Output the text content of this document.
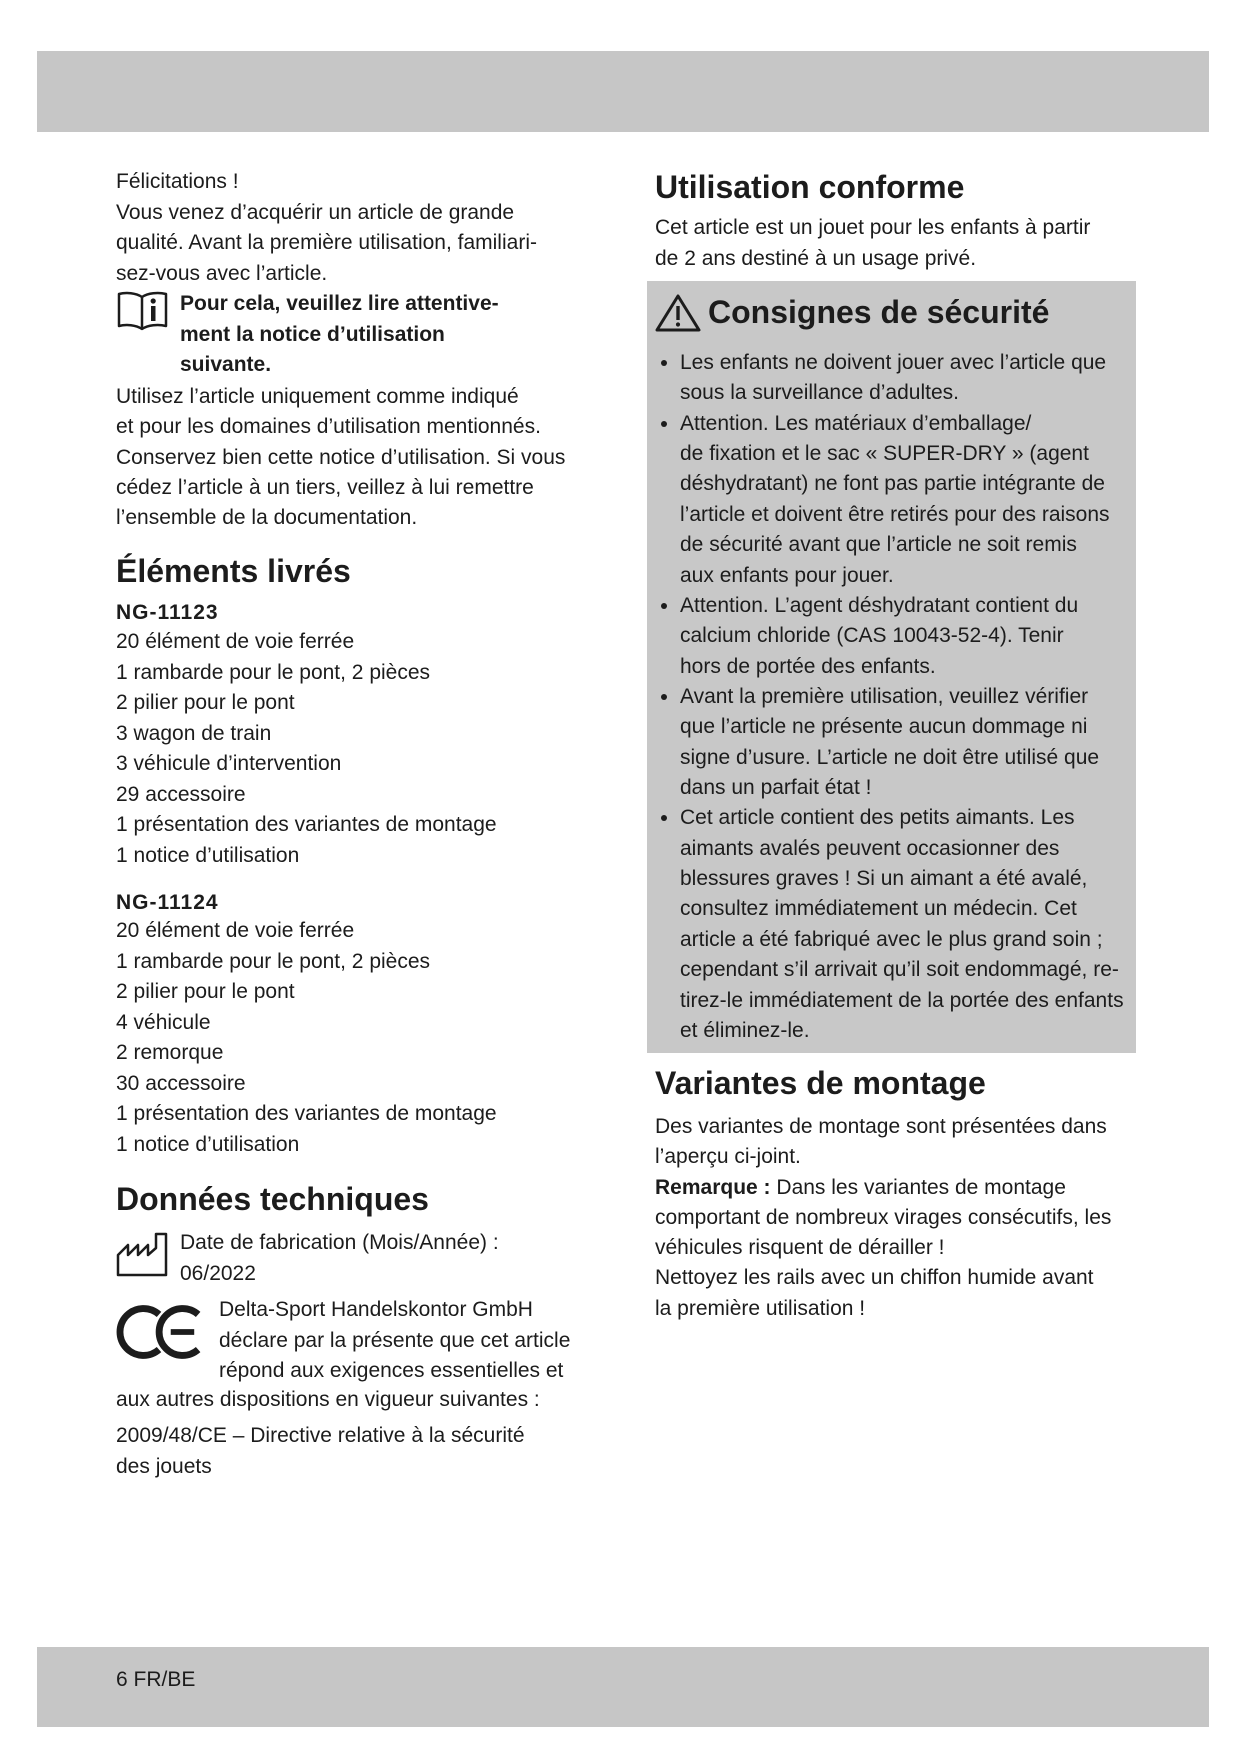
Félicitations !
Vous venez d’acquérir un article de grande
qualité. Avant la première utilisation, familiari-
sez-vous avec l’article.
Pour cela, veuillez lire attentive-
ment la notice d’utilisation
suivante.
Utilisez l’article uniquement comme indiqué
et pour les domaines d’utilisation mentionnés.
Conservez bien cette notice d’utilisation. Si vous
cédez l’article à un tiers, veillez à lui remettre
l’ensemble de la documentation.
Éléments livrés
NG-11123
20 élément de voie ferrée
1 rambarde pour le pont, 2 pièces
2 pilier pour le pont
3 wagon de train
3 véhicule d’intervention
29 accessoire
1 présentation des variantes de montage
1 notice d’utilisation
NG-11124
20 élément de voie ferrée
1 rambarde pour le pont, 2 pièces
2 pilier pour le pont
4 véhicule
2 remorque
30 accessoire
1 présentation des variantes de montage
1 notice d’utilisation
Données techniques
Date de fabrication (Mois/Année) :
06/2022
Delta-Sport Handelskontor GmbH
déclare par la présente que cet article
répond aux exigences essentielles et
aux autres dispositions en vigueur suivantes :
2009/48/CE – Directive relative à la sécurité
des jouets
Utilisation conforme
Cet article est un jouet pour les enfants à partir
de 2 ans destiné à un usage privé.
Consignes de sécurité
Les enfants ne doivent jouer avec l’article que
sous la surveillance d’adultes.
Attention. Les matériaux d’emballage/
de fixation et le sac « SUPER-DRY » (agent
déshydratant) ne font pas partie intégrante de
l’article et doivent être retirés pour des raisons
de sécurité avant que l’article ne soit remis
aux enfants pour jouer.
Attention. L’agent déshydratant contient du
calcium chloride (CAS 10043-52-4). Tenir
hors de portée des enfants.
Avant la première utilisation, veuillez vérifier
que l’article ne présente aucun dommage ni
signe d’usure. L’article ne doit être utilisé que
dans un parfait état !
Cet article contient des petits aimants. Les
aimants avalés peuvent occasionner des
blessures graves ! Si un aimant a été avalé,
consultez immédiatement un médecin. Cet
article a été fabriqué avec le plus grand soin ;
cependant s’il arrivait qu’il soit endommagé, re-
tirez-le immédiatement de la portée des enfants
et éliminez-le.
Variantes de montage
Des variantes de montage sont présentées dans
l’aperçu ci-joint.
Remarque : Dans les variantes de montage
comportant de nombreux virages consécutifs, les
véhicules risquent de dérailler !
Nettoyez les rails avec un chiffon humide avant
la première utilisation !
6 FR/BE
